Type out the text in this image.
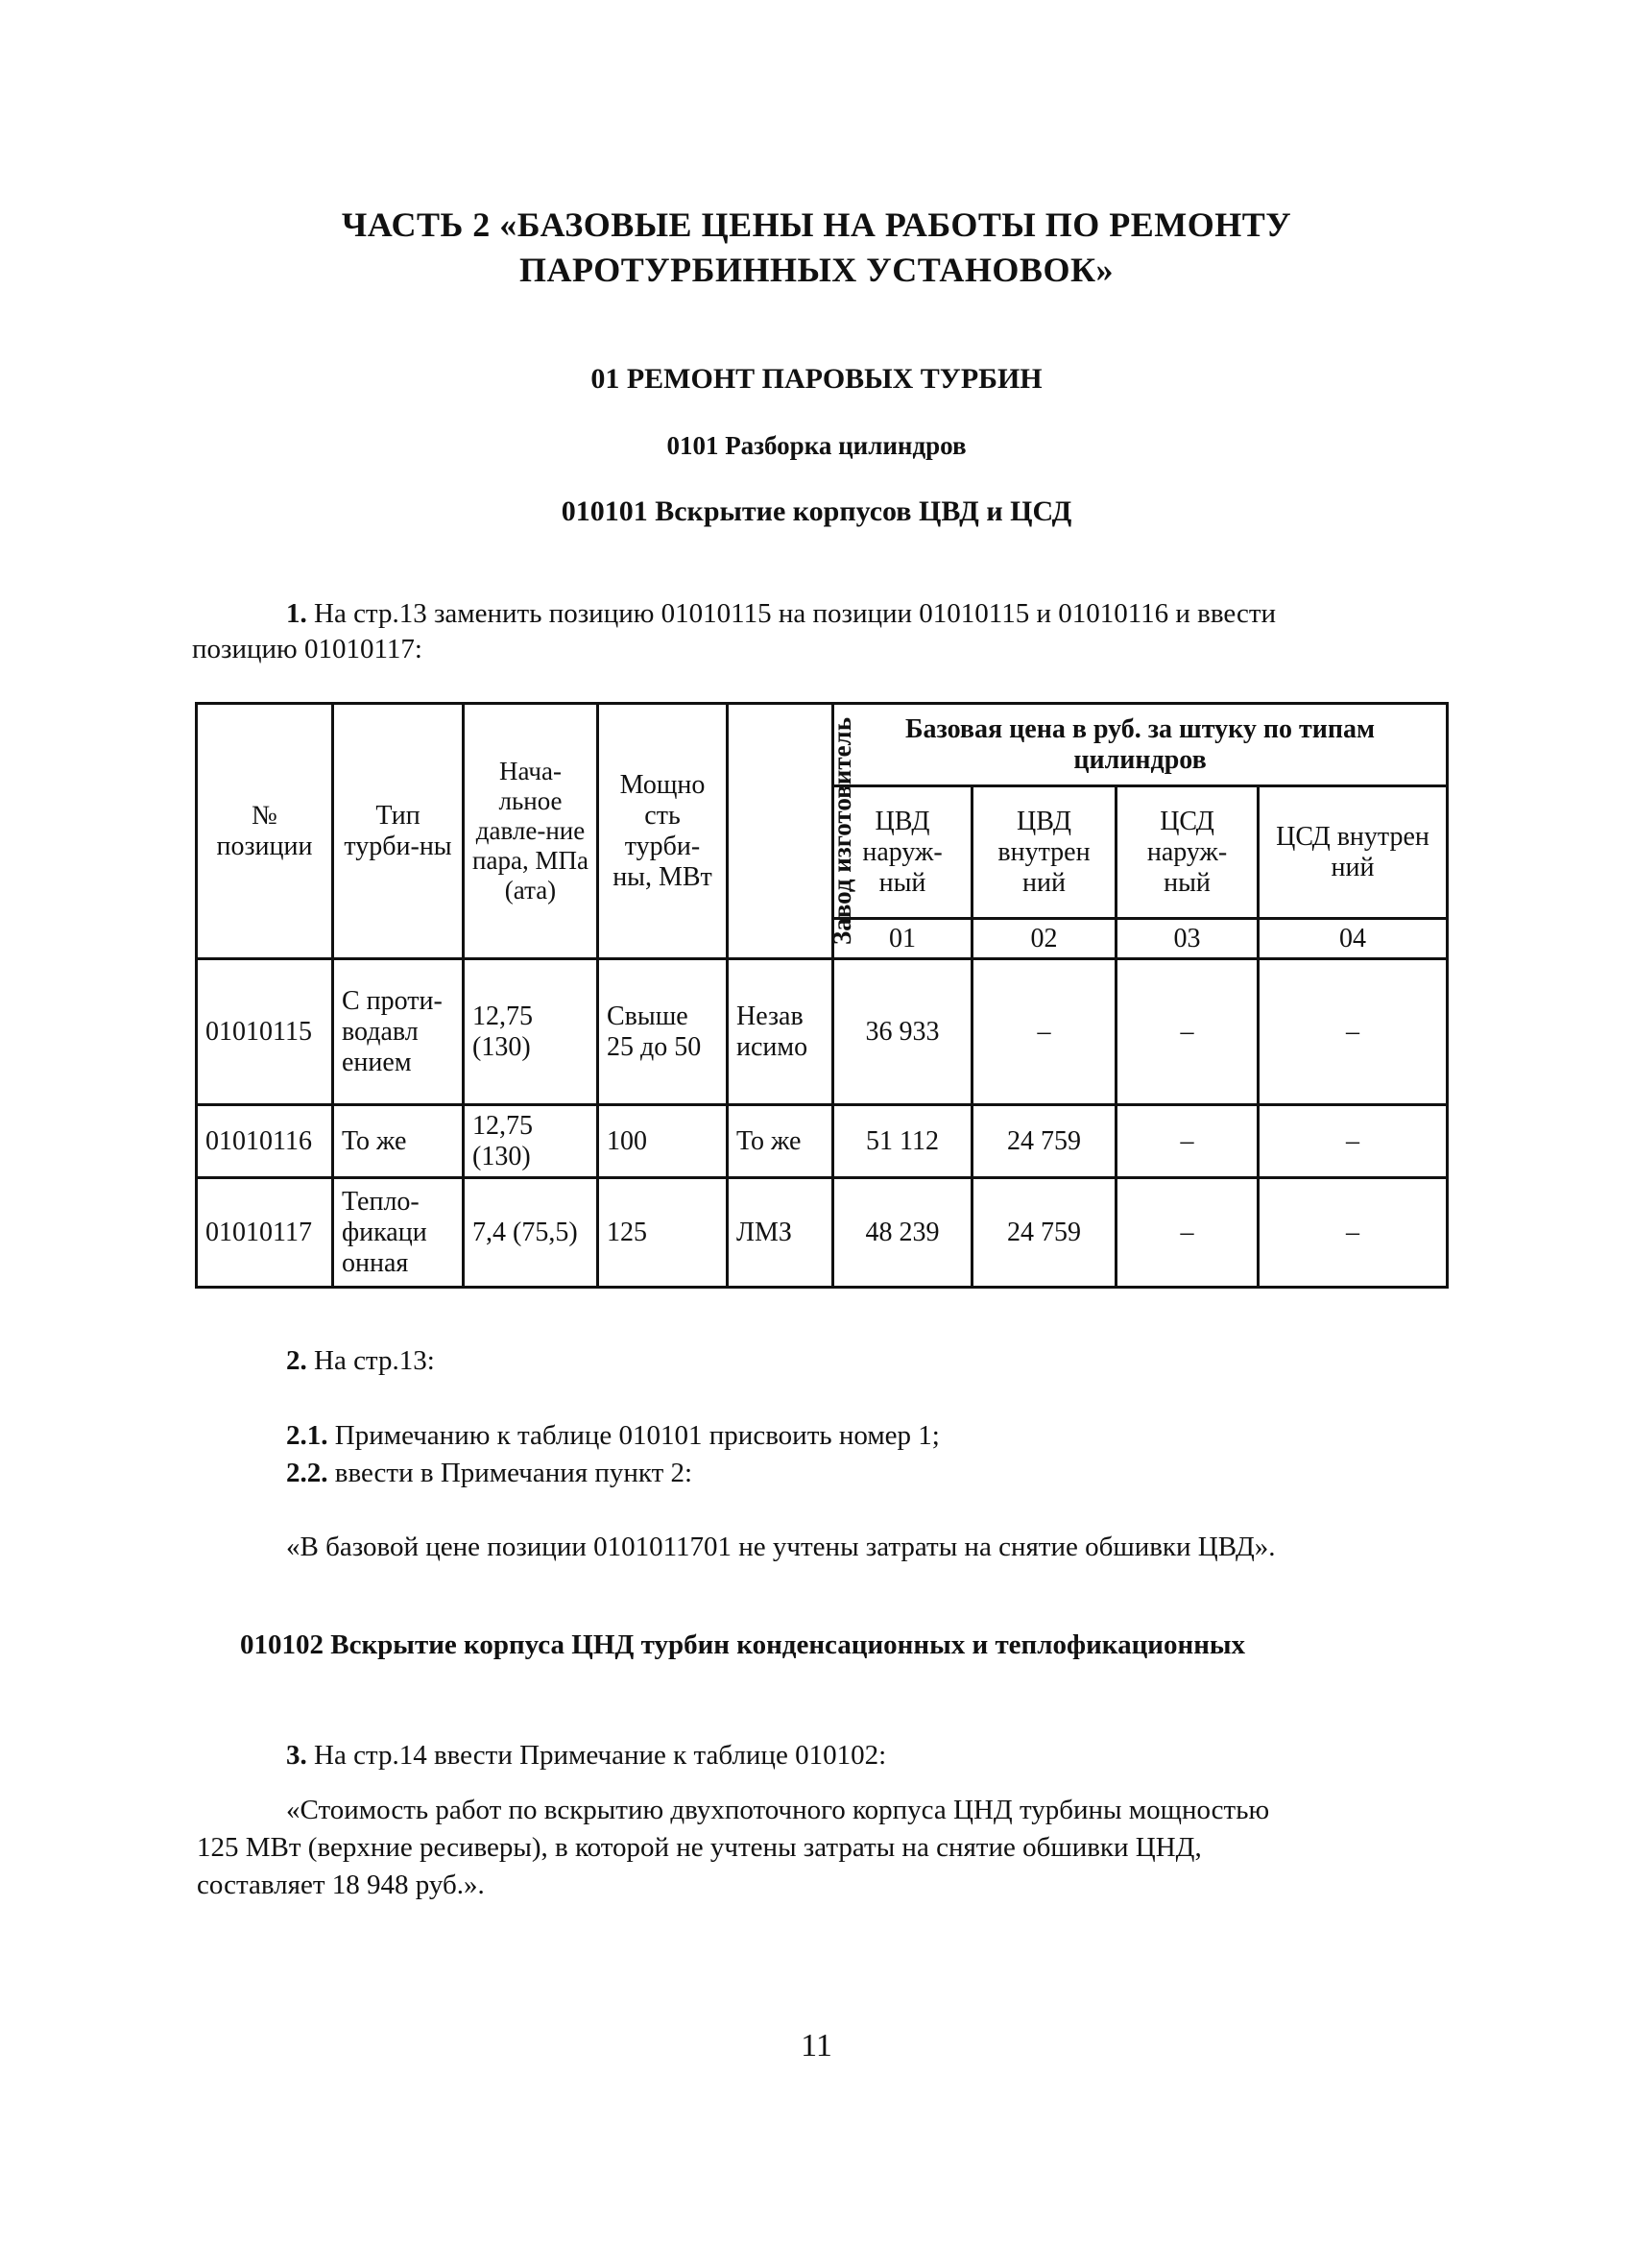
ЧАСТЬ 2 «БАЗОВЫЕ ЦЕНЫ НА РАБОТЫ ПО РЕМОНТУ
ПАРОТУРБИННЫХ УСТАНОВОК»
01 РЕМОНТ ПАРОВЫХ ТУРБИН
0101 Разборка цилиндров
010101 Вскрытие корпусов ЦВД и ЦСД
1. На стр.13 заменить позицию 01010115 на позиции 01010115 и 01010116 и ввести
позицию 01010117:
№ позиции	Тип турби-ны	Нача-льное давле-ние пара, МПа (ата)	Мощно сть турби-ны, МВт	Завод изготовитель	Базовая цена в руб. за штуку по типам цилиндров			
					ЦВД наруж-ный	ЦВД внутрен ний	ЦСД наруж-ный	ЦСД внутрен ний
					01	02	03	04
01010115	С проти-водавл ением	12,75 (130)	Свыше 25 до 50	Незав исимо	36 933	–	–	–
01010116	То же	12,75 (130)	100	То же	51 112	24 759	–	–
01010117	Тепло-фикаци онная	7,4 (75,5)	125	ЛМЗ	48 239	24 759	–	–
2. На стр.13:
2.1. Примечанию к таблице 010101 присвоить номер 1;
2.2. ввести в Примечания пункт 2:
«В базовой цене позиции 0101011701 не учтены затраты на снятие обшивки ЦВД».
010102 Вскрытие корпуса ЦНД турбин конденсационных и теплофикационных
3. На стр.14 ввести Примечание к таблице 010102:
«Стоимость работ по вскрытию двухпоточного корпуса ЦНД турбины мощностью
125 МВт (верхние ресиверы), в которой не учтены затраты на снятие обшивки ЦНД,
составляет 18 948 руб.».
11
